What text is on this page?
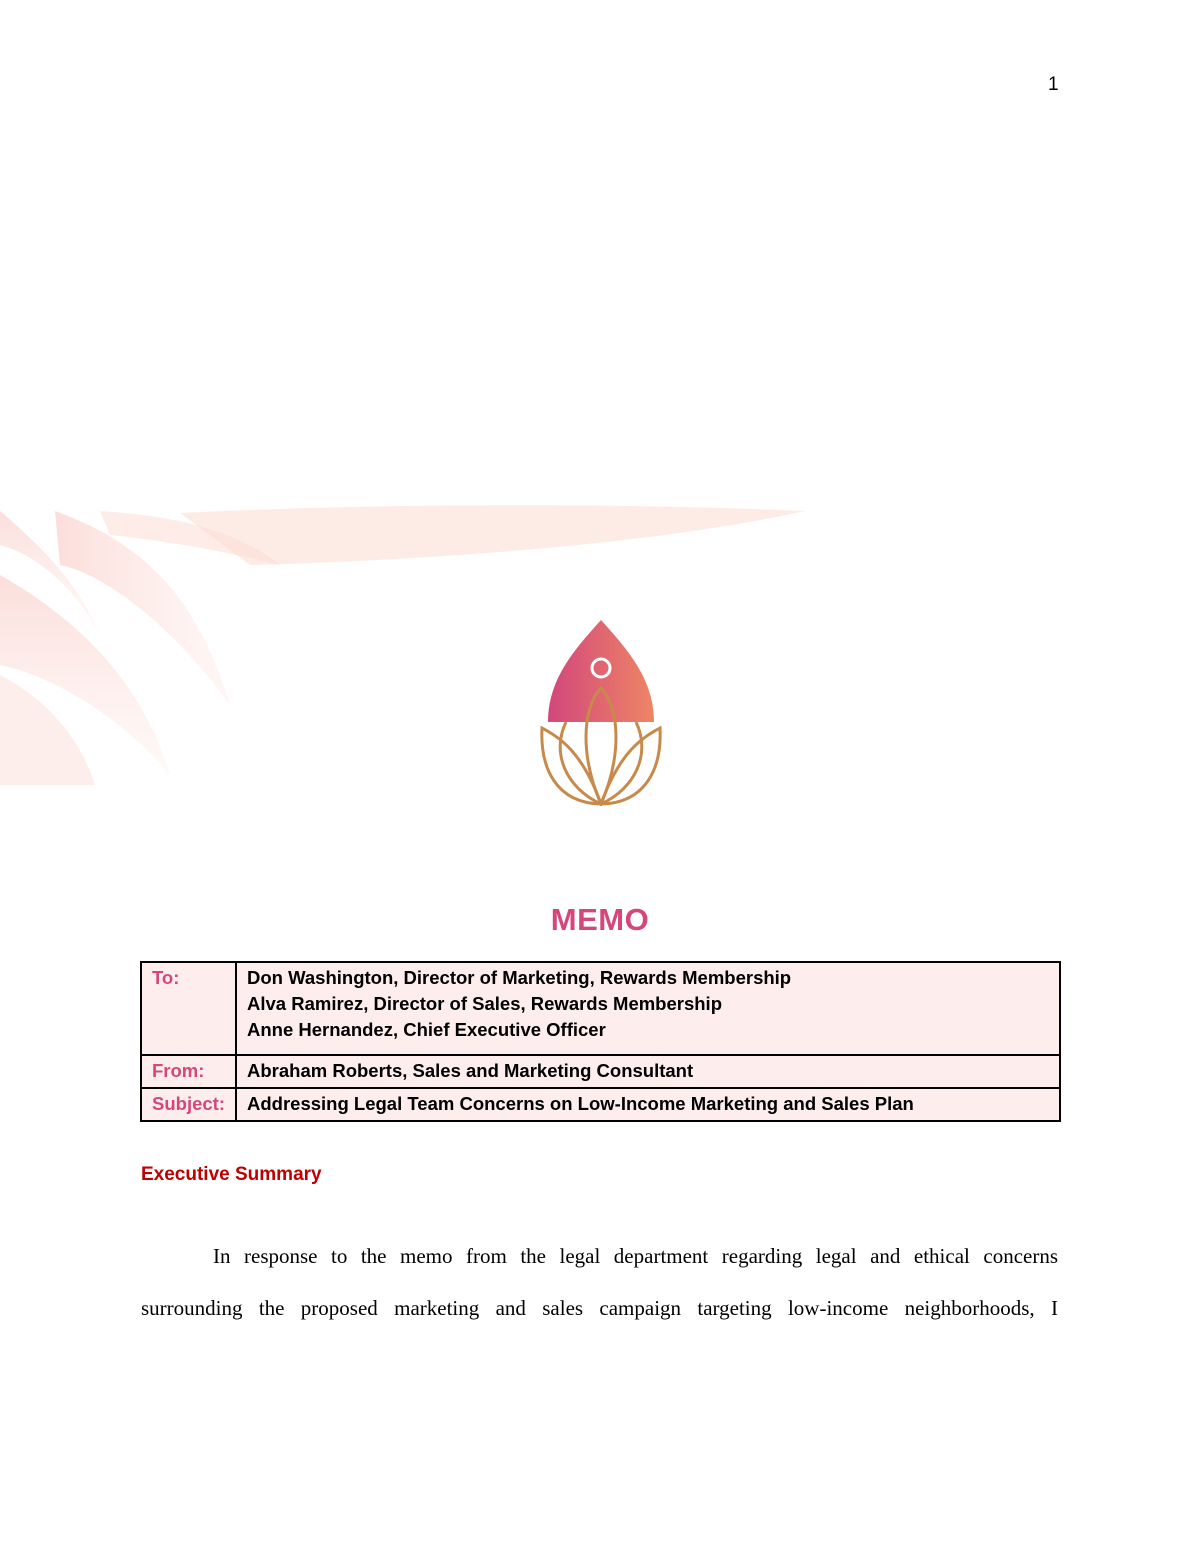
1
MEMO
To:	Don Washington, Director of Marketing, Rewards Membership
Alva Ramirez, Director of Sales, Rewards Membership
Anne Hernandez, Chief Executive Officer

From:	Abraham Roberts, Sales and Marketing Consultant
Subject:	Addressing Legal Team Concerns on Low-Income Marketing and Sales Plan
Executive Summary
In response to the memo from the legal department regarding legal and ethical concerns
surrounding the proposed marketing and sales campaign targeting low-income neighborhoods, I
